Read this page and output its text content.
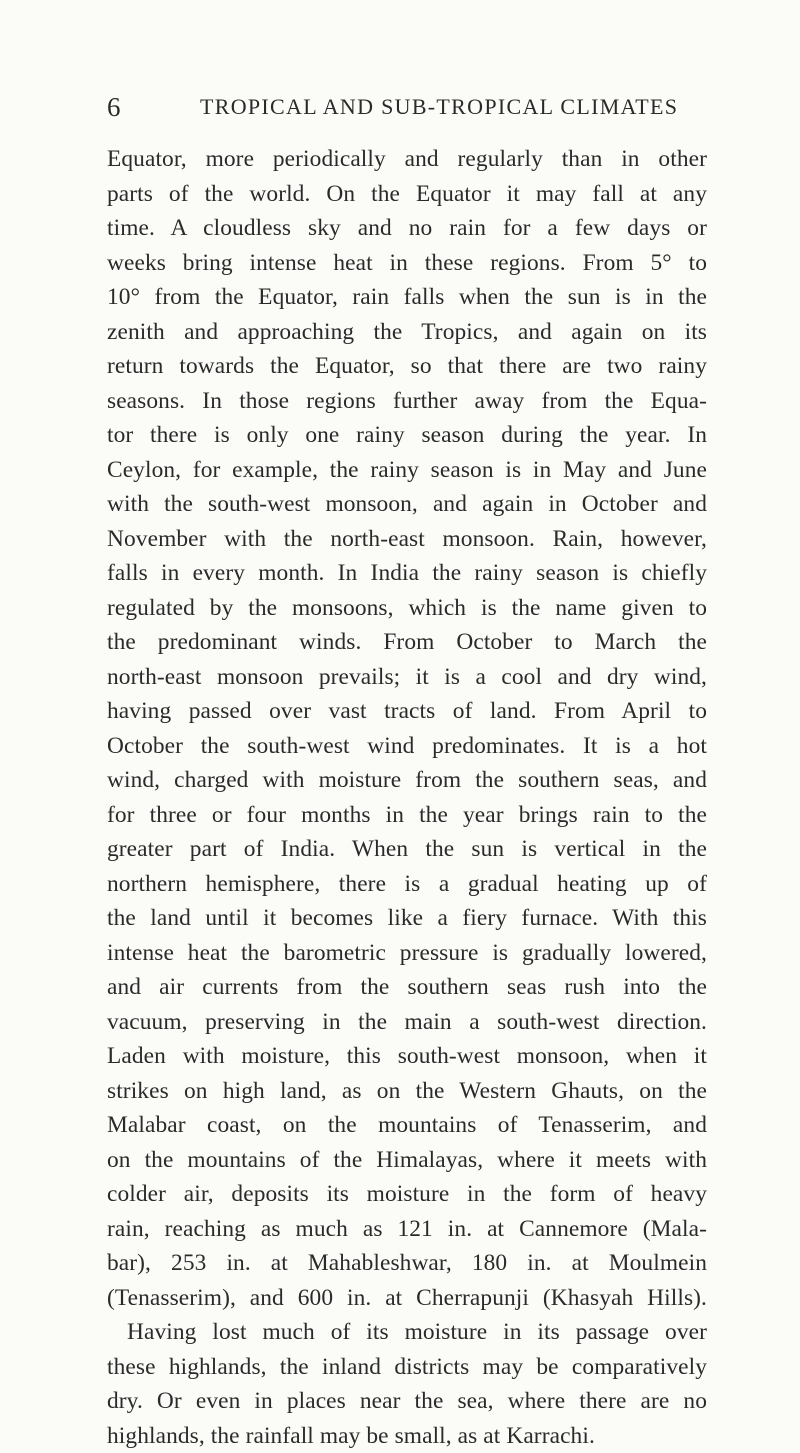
6	TROPICAL AND SUB-TROPICAL CLIMATES
Equator, more periodically and regularly than in other
parts of the world. On the Equator it may fall at any
time. A cloudless sky and no rain for a few days or
weeks bring intense heat in these regions. From 5° to
10° from the Equator, rain falls when the sun is in the
zenith and approaching the Tropics, and again on its
return towards the Equator, so that there are two rainy
seasons. In those regions further away from the Equa-
tor there is only one rainy season during the year. In
Ceylon, for example, the rainy season is in May and June
with the south-west monsoon, and again in October and
November with the north-east monsoon. Rain, however,
falls in every month. In India the rainy season is chiefly
regulated by the monsoons, which is the name given to
the predominant winds. From October to March the
north-east monsoon prevails; it is a cool and dry wind,
having passed over vast tracts of land. From April to
October the south-west wind predominates. It is a hot
wind, charged with moisture from the southern seas, and
for three or four months in the year brings rain to the
greater part of India. When the sun is vertical in the
northern hemisphere, there is a gradual heating up of
the land until it becomes like a fiery furnace. With this
intense heat the barometric pressure is gradually lowered,
and air currents from the southern seas rush into the
vacuum, preserving in the main a south-west direction.
Laden with moisture, this south-west monsoon, when it
strikes on high land, as on the Western Ghauts, on the
Malabar coast, on the mountains of Tenasserim, and
on the mountains of the Himalayas, where it meets with
colder air, deposits its moisture in the form of heavy
rain, reaching as much as 121 in. at Cannemore (Mala-
bar), 253 in. at Mahableshwar, 180 in. at Moulmein
(Tenasserim), and 600 in. at Cherrapunji (Khasyah Hills).
Having lost much of its moisture in its passage over
these highlands, the inland districts may be comparatively
dry. Or even in places near the sea, where there are no
highlands, the rainfall may be small, as at Karrachi.
